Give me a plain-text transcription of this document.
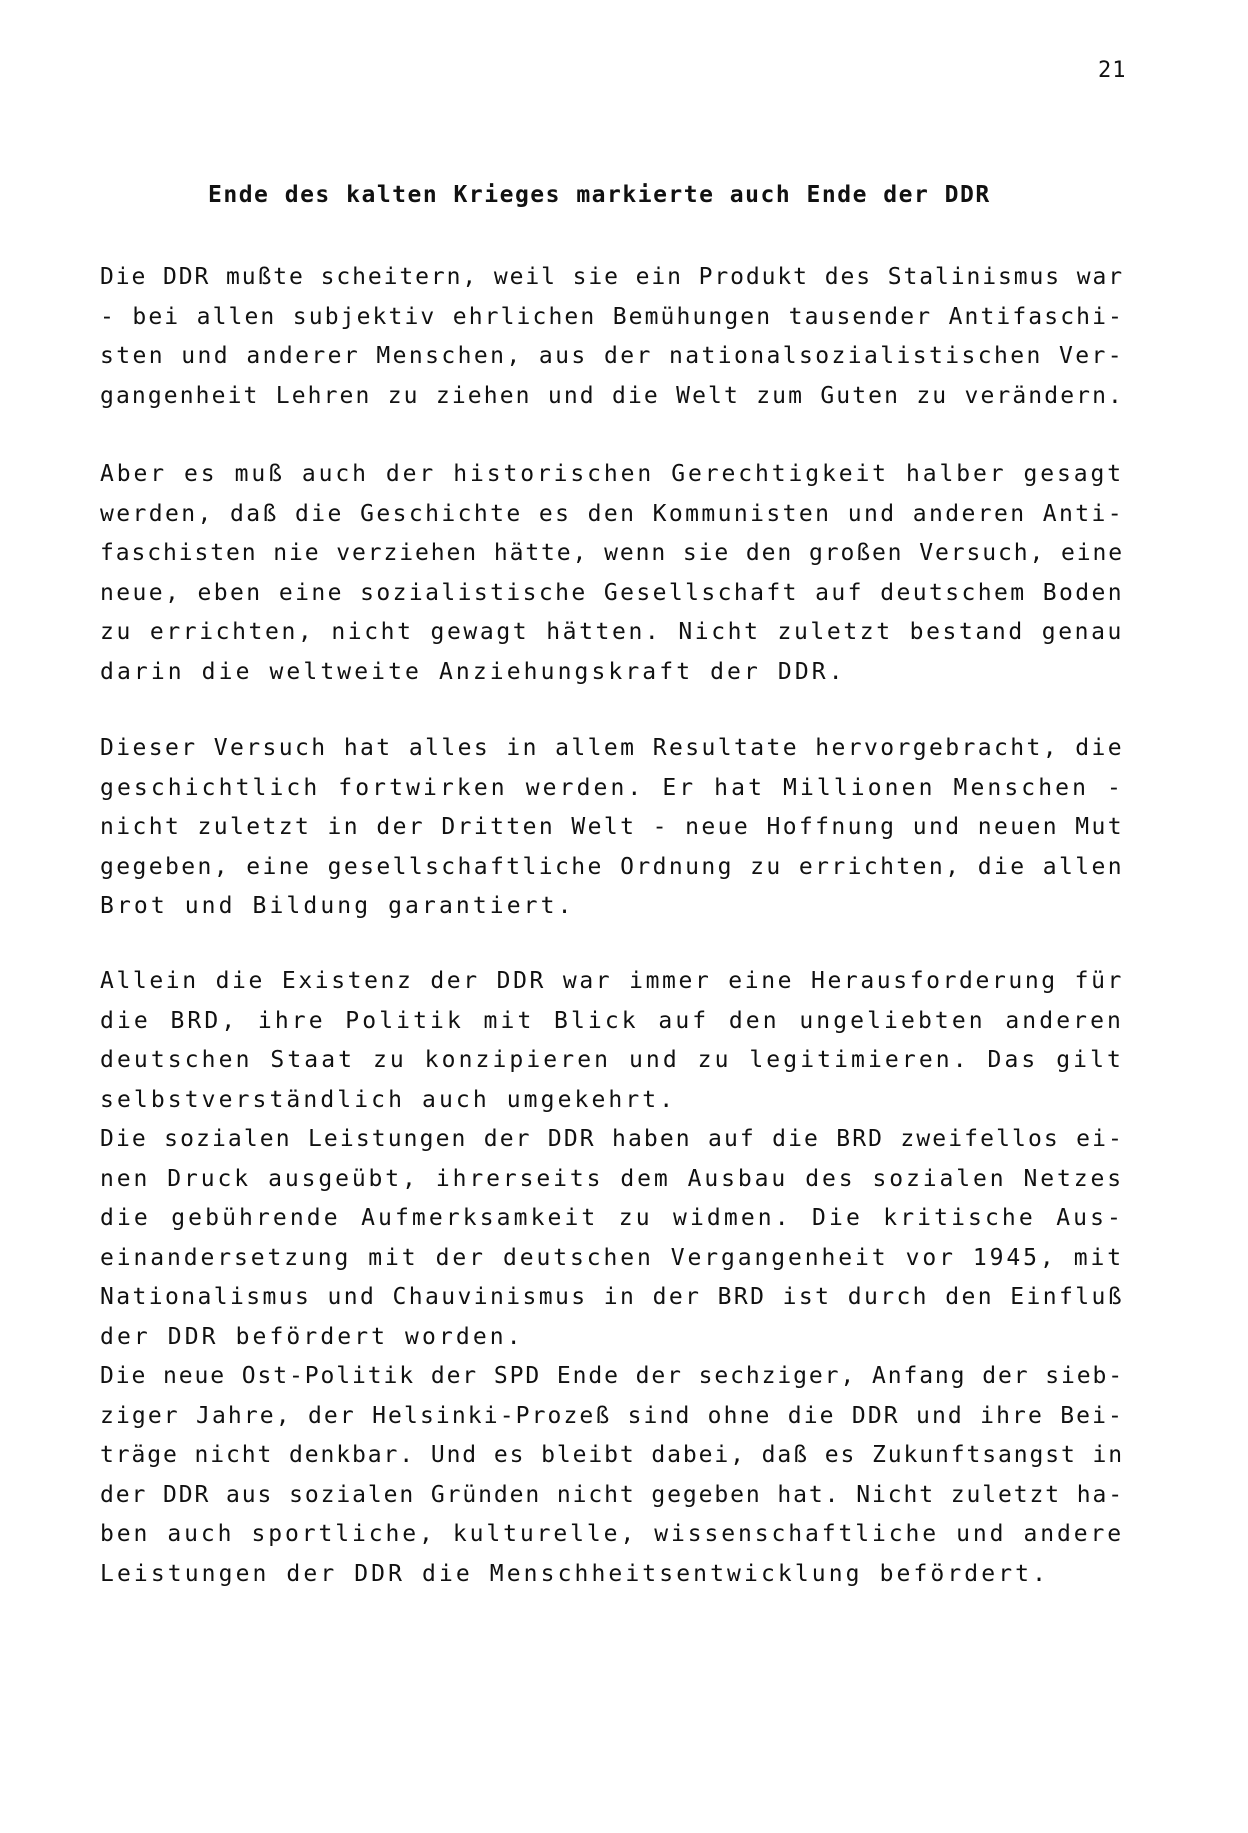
21
Ende des kalten Krieges markierte auch Ende der DDR
Die DDR mußte scheitern, weil sie ein Produkt des Stalinismus war
- bei allen subjektiv ehrlichen Bemühungen tausender Antifaschi-
sten und anderer Menschen, aus der nationalsozialistischen Ver-
gangenheit Lehren zu ziehen und die Welt zum Guten zu verändern.
Aber es muß auch der historischen Gerechtigkeit halber gesagt
werden, daß die Geschichte es den Kommunisten und anderen Anti-
faschisten nie verziehen hätte, wenn sie den großen Versuch, eine
neue, eben eine sozialistische Gesellschaft auf deutschem Boden
zu errichten, nicht gewagt hätten. Nicht zuletzt bestand genau
darin die weltweite Anziehungskraft der DDR.
Dieser Versuch hat alles in allem Resultate hervorgebracht, die
geschichtlich fortwirken werden. Er hat Millionen Menschen -
nicht zuletzt in der Dritten Welt - neue Hoffnung und neuen Mut
gegeben, eine gesellschaftliche Ordnung zu errichten, die allen
Brot und Bildung garantiert.
Allein die Existenz der DDR war immer eine Herausforderung für
die BRD, ihre Politik mit Blick auf den ungeliebten anderen
deutschen Staat zu konzipieren und zu legitimieren. Das gilt
selbstverständlich auch umgekehrt.
Die sozialen Leistungen der DDR haben auf die BRD zweifellos ei-
nen Druck ausgeübt, ihrerseits dem Ausbau des sozialen Netzes
die gebührende Aufmerksamkeit zu widmen. Die kritische Aus-
einandersetzung mit der deutschen Vergangenheit vor 1945, mit
Nationalismus und Chauvinismus in der BRD ist durch den Einfluß
der DDR befördert worden.
Die neue Ost-Politik der SPD Ende der sechziger, Anfang der sieb-
ziger Jahre, der Helsinki-Prozeß sind ohne die DDR und ihre Bei-
träge nicht denkbar. Und es bleibt dabei, daß es Zukunftsangst in
der DDR aus sozialen Gründen nicht gegeben hat. Nicht zuletzt ha-
ben auch sportliche, kulturelle, wissenschaftliche und andere
Leistungen der DDR die Menschheitsentwicklung befördert.
